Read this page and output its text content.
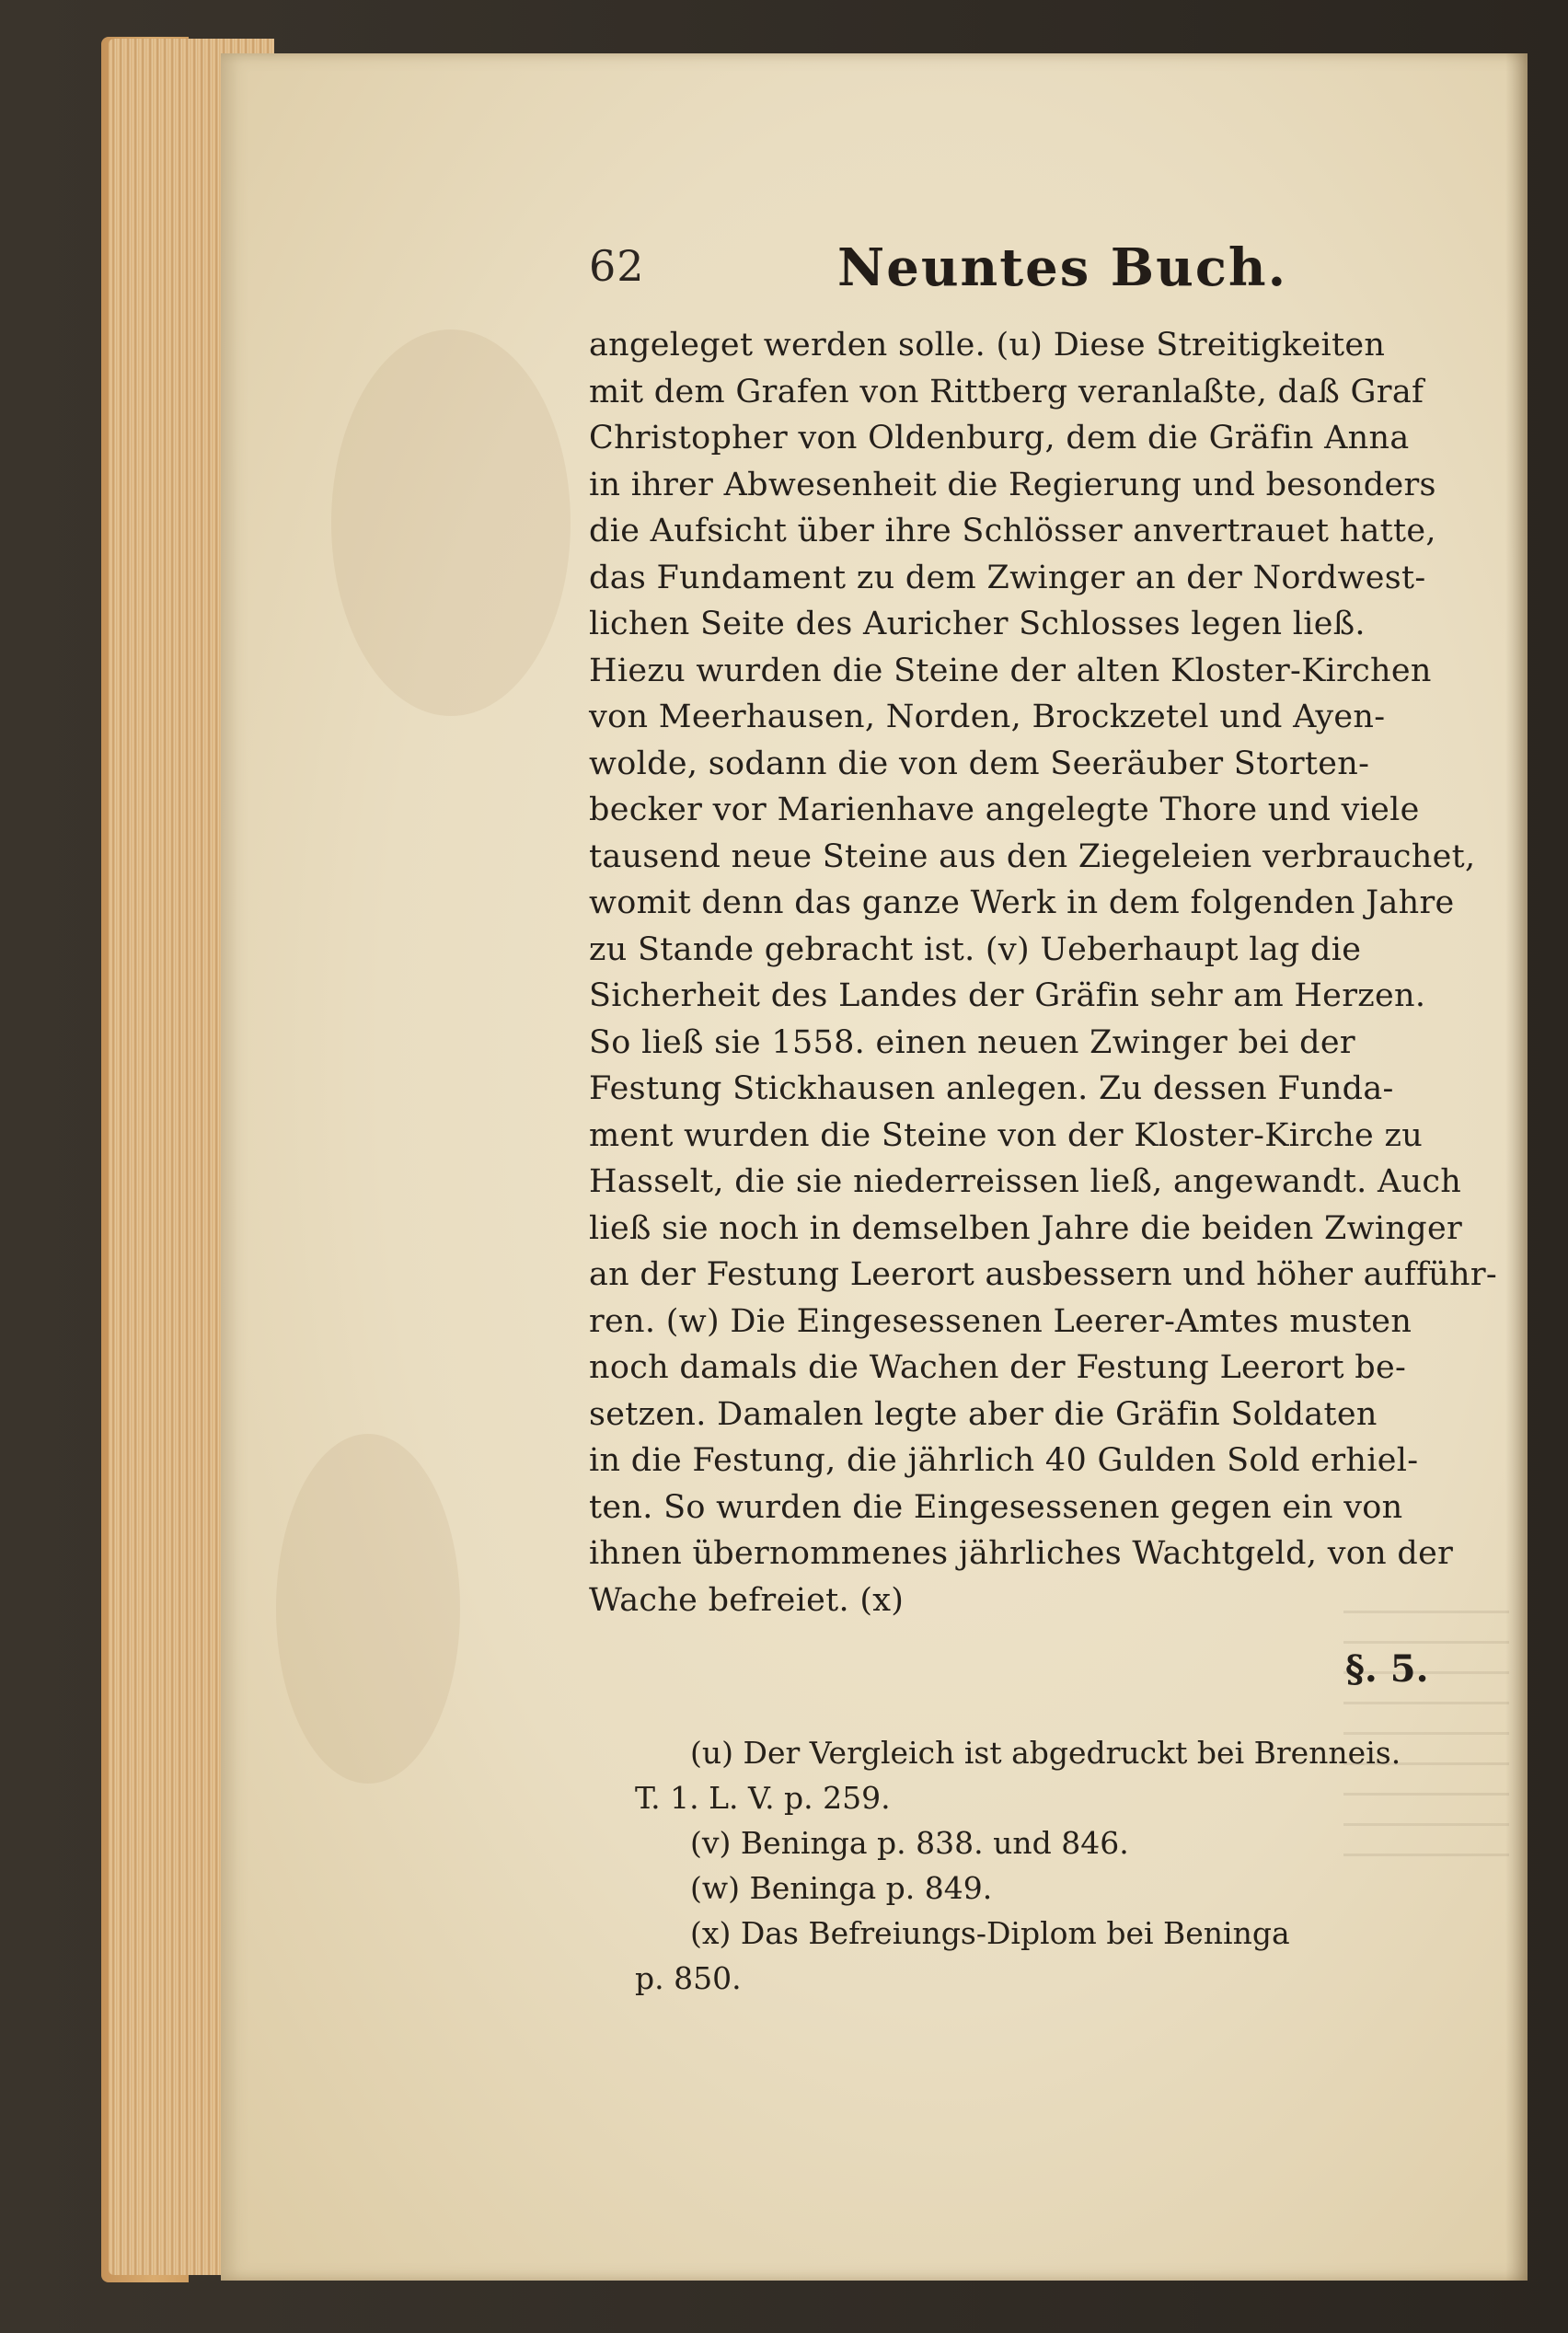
62	Neuntes Buch.
angeleget werden solle. (u) Diese Streitigkeiten
mit dem Grafen von Rittberg veranlaßte, daß Graf
Christopher von Oldenburg, dem die Gräfin Anna
in ihrer Abwesenheit die Regierung und besonders
die Aufsicht über ihre Schlösser anvertrauet hatte,
das Fundament zu dem Zwinger an der Nordwest-
lichen Seite des Auricher Schlosses legen ließ.
Hiezu wurden die Steine der alten Kloster-Kirchen
von Meerhausen, Norden, Brockzetel und Ayen-
wolde, sodann die von dem Seeräuber Storten-
becker vor Marienhave angelegte Thore und viele
tausend neue Steine aus den Ziegeleien verbrauchet,
womit denn das ganze Werk in dem folgenden Jahre
zu Stande gebracht ist. (v) Ueberhaupt lag die
Sicherheit des Landes der Gräfin sehr am Herzen.
So ließ sie 1558. einen neuen Zwinger bei der
Festung Stickhausen anlegen. Zu dessen Funda-
ment wurden die Steine von der Kloster-Kirche zu
Hasselt, die sie niederreissen ließ, angewandt. Auch
ließ sie noch in demselben Jahre die beiden Zwinger
an der Festung Leerort ausbessern und höher aufführ-
ren. (w) Die Eingesessenen Leerer-Amtes musten
noch damals die Wachen der Festung Leerort be-
setzen. Damalen legte aber die Gräfin Soldaten
in die Festung, die jährlich 40 Gulden Sold erhiel-
ten. So wurden die Eingesessenen gegen ein von
ihnen übernommenes jährliches Wachtgeld, von der
Wache befreiet. (x)
§. 5.
(u) Der Vergleich ist abgedruckt bei Brenneis.
T. 1. L. V. p. 259.
(v) Beninga p. 838. und 846.
(w) Beninga p. 849.
(x) Das Befreiungs-Diplom bei Beninga
p. 850.
